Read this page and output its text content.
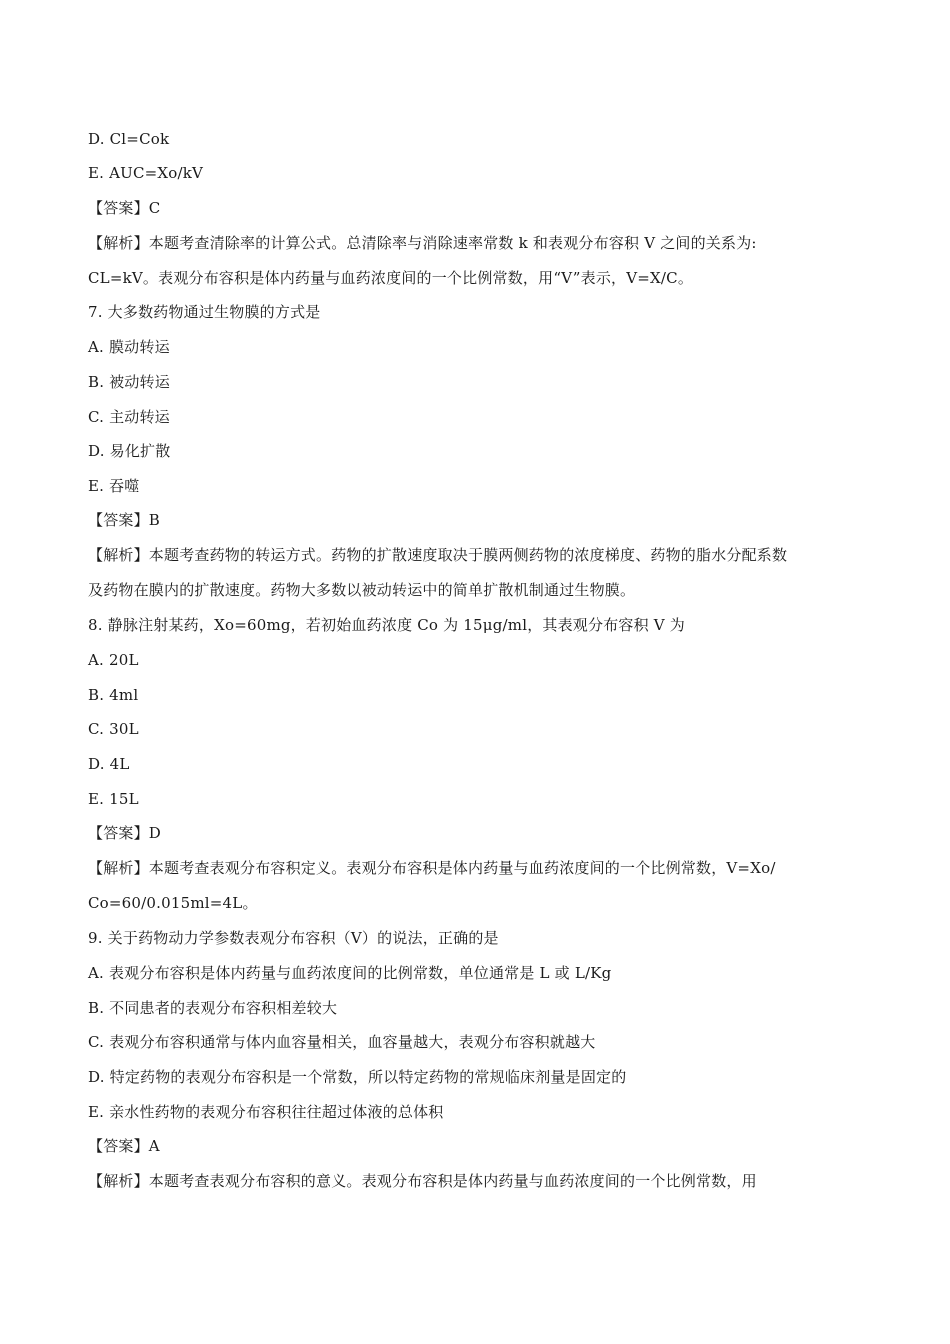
D. Cl=Cok
E. AUC=Xo/kV
【答案】C
【解析】本题考查清除率的计算公式。总清除率与消除速率常数 k 和表观分布容积 V 之间的关系为:
CL=kV。表观分布容积是体内药量与血药浓度间的一个比例常数，用“V”表示，V=X/C。
7. 大多数药物通过生物膜的方式是
A. 膜动转运
B. 被动转运
C. 主动转运
D. 易化扩散
E. 吞噬
【答案】B
【解析】本题考查药物的转运方式。药物的扩散速度取决于膜两侧药物的浓度梯度、药物的脂水分配系数
及药物在膜内的扩散速度。药物大多数以被动转运中的简单扩散机制通过生物膜。
8. 静脉注射某药，Xo=60mg，若初始血药浓度 Co 为 15μg/ml，其表观分布容积 V 为
A. 20L
B. 4ml
C. 30L
D. 4L
E. 15L
【答案】D
【解析】本题考查表观分布容积定义。表观分布容积是体内药量与血药浓度间的一个比例常数，V=Xo/
Co=60/0.015ml=4L。
9. 关于药物动力学参数表观分布容积（V）的说法，正确的是
A. 表观分布容积是体内药量与血药浓度间的比例常数，单位通常是 L 或 L/Kg
B. 不同患者的表观分布容积相差较大
C. 表观分布容积通常与体内血容量相关，血容量越大，表观分布容积就越大
D. 特定药物的表观分布容积是一个常数，所以特定药物的常规临床剂量是固定的
E. 亲水性药物的表观分布容积往往超过体液的总体积
【答案】A
【解析】本题考查表观分布容积的意义。表观分布容积是体内药量与血药浓度间的一个比例常数，用
